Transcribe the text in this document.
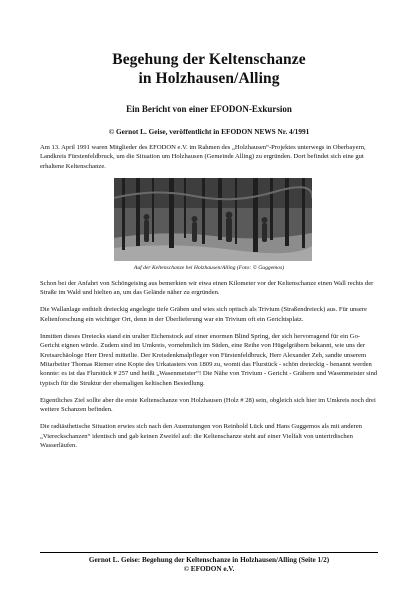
Begehung der Keltenschanze
in Holzhausen/Alling
Ein Bericht von einer EFODON-Exkursion
© Gernot L. Geise, veröffentlicht in EFODON NEWS Nr. 4/1991

Am 13. April 1991 waren Mitglieder des EFODON e.V. im Rahmen des „Holzhausen“-Projektes unterwegs in Oberbayern, Landkreis Fürstenfeldbruck, um die Situation um Holzhausen (Gemeinde Alling) zu ergründen. Dort befindet sich eine gut erhaltene Keltenschanze.

Auf der Keltenschanze bei Holzhausen/Alling (Foto: © Guggemos)

Schon bei der Anfahrt von Schöngeising aus bemerkten wir etwa einen Kilometer vor der Keltenschanze einen Wall rechts der Straße im Wald und hielten an, um das Gelände näher zu ergründen.

Die Wallanlage enthielt dreieckig angelegte tiefe Gräben und wies sich optisch als Trivium (Straßendreieck) aus. Für unsere Keltenforschung ein wichtiger Ort, denn in der Überlieferung war ein Trivium oft ein Gerichtsplatz.

Inmitten dieses Dreiecks stand ein uralter Eichenstock auf einer enormen Blind Spring, der sich hervorragend für ein Go-Gericht eignen würde. Zudem sind im Umkreis, vornehmlich im Süden, eine Reihe von Hügelgräbern bekannt, wie uns der Kreisarchäologe Herr Drexl mitteilte. Der Kreisdenkmalpfleger von Fürstenfeldbruck, Herr Alexander Zeh, sandte unserem Mitarbeiter Thomas Riemer eine Kopie des Urkatasters von 1809 zu, womit das Flurstück - schön dreieckig - benannt werden konnte: es ist das Flurstück # 257 und heißt „Wasenmeister“! Die Nähe von Trivium - Gericht - Gräbern und Wasenmeister sind typisch für die Struktur der ehemaligen keltischen Besiedlung.

Eigentliches Ziel sollte aber die erste Keltenschanze von Holzhausen (Holz # 28) sein, obgleich sich hier im Umkreis noch drei weitere Schanzen befinden.

Die radiästhetische Situation erwies sich nach den Ausmutungen von Reinhold Lück und Hans Guggemos als mit anderen „Viereckschanzen“ identisch und gab keinen Zweifel auf: die Keltenschanze steht auf einer Vielfalt von unterirdischen Wasserläufen.

Gernot L. Geise: Begehung der Keltenschanze in Holzhausen/Alling (Seite 1/2)
© EFODON e.V.
